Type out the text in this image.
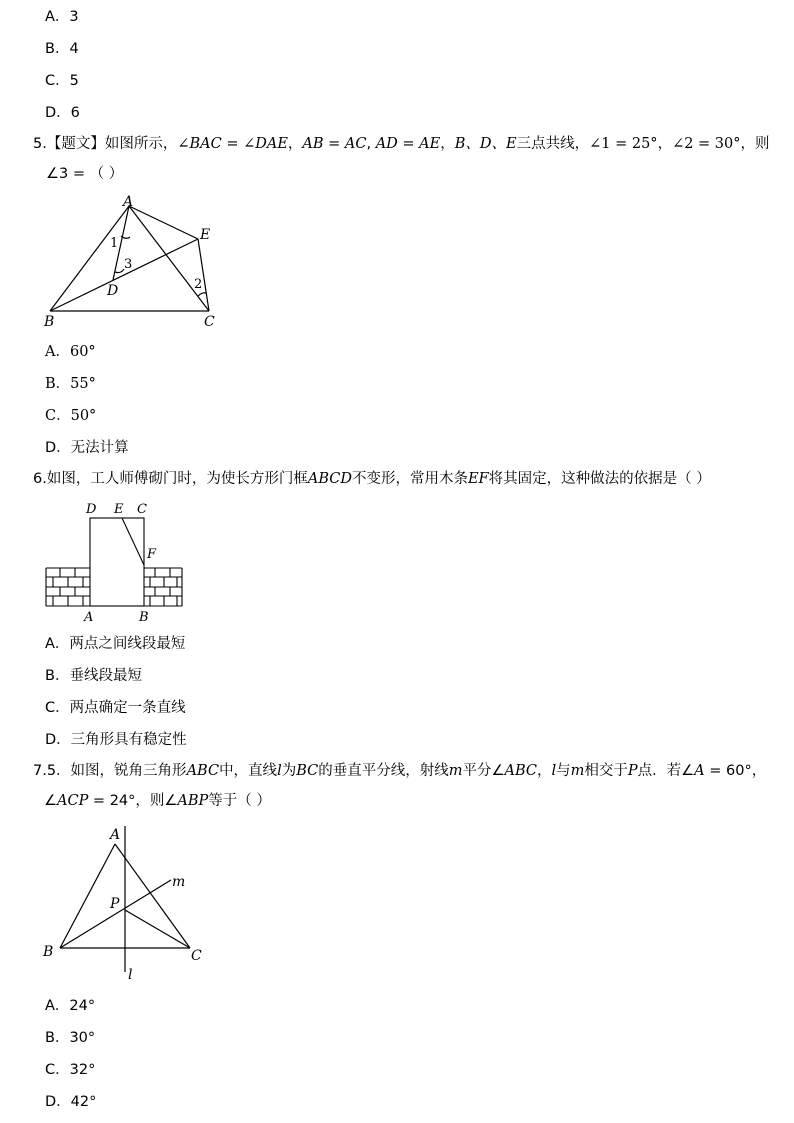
A．3
B．4
C．5
D．6
5.【题文】如图所示，∠BAC = ∠DAE，AB = AC, AD = AE，B、D、E三点共线，∠1 = 25°，∠2 = 30°，则
∠3 = （ ）
A
E
D
B	C
1
3
2
A．60°
B．55°
C．50°
D．无法计算
6.如图，工人师傅砌门时，为使长方形门框ABCD不变形，常用木条EF将其固定，这种做法的依据是（ ）
D E C
F
A	B
A．两点之间线段最短
B．垂线段最短
C．两点确定一条直线
D．三角形具有稳定性
7.5．如图，锐角三角形ABC中，直线l为BC的垂直平分线，射线m平分∠ABC，l与m相交于P点．若∠A = 60°，
∠ACP = 24°，则∠ABP等于（ ）
A
m
P
B	C
l
A．24°
B．30°
C．32°
D．42°
